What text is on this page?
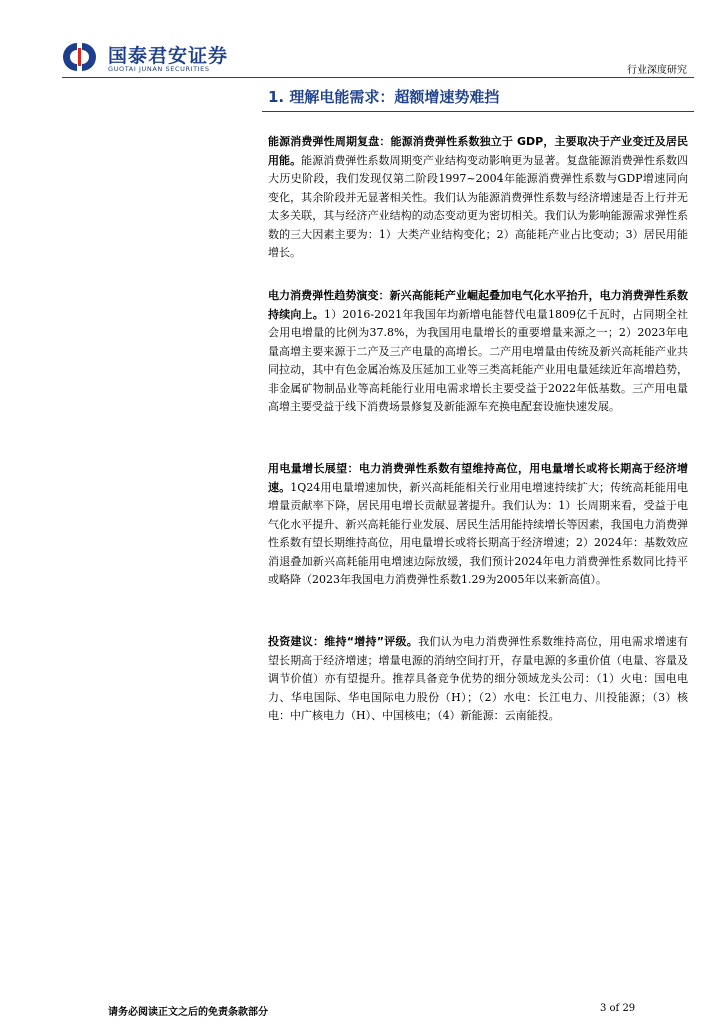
国泰君安证券
GUOTAI JUNAN SECURITIES	行业深度研究
1. 理解电能需求：超额增速势难挡

能源消费弹性周期复盘：能源消费弹性系数独立于 GDP，主要取决于产业变迁及居民用能。能源消费弹性系数周期变产业结构变动影响更为显著。复盘能源消费弹性系数四大历史阶段，我们发现仅第二阶段1997~2004年能源消费弹性系数与GDP增速同向变化，其余阶段并无显著相关性。我们认为能源消费弹性系数与经济增速是否上行并无太多关联，其与经济产业结构的动态变动更为密切相关。我们认为影响能源需求弹性系数的三大因素主要为：1）大类产业结构变化；2）高能耗产业占比变动；3）居民用能增长。

电力消费弹性趋势演变：新兴高能耗产业崛起叠加电气化水平抬升，电力消费弹性系数持续向上。1）2016-2021年我国年均新增电能替代电量1809亿千瓦时，占同期全社会用电增量的比例为37.8%，为我国用电量增长的重要增量来源之一；2）2023年电量高增主要来源于二产及三产电量的高增长。二产用电增量由传统及新兴高耗能产业共同拉动，其中有色金属冶炼及压延加工业等三类高耗能产业用电量延续近年高增趋势，非金属矿物制品业等高耗能行业用电需求增长主要受益于2022年低基数。三产用电量高增主要受益于线下消费场景修复及新能源车充换电配套设施快速发展。

用电量增长展望：电力消费弹性系数有望维持高位，用电量增长或将长期高于经济增速。1Q24用电量增速加快，新兴高耗能相关行业用电增速持续扩大；传统高耗能用电增量贡献率下降，居民用电增长贡献显著提升。我们认为：1）长周期来看，受益于电气化水平提升、新兴高耗能行业发展、居民生活用能持续增长等因素，我国电力消费弹性系数有望长期维持高位，用电量增长或将长期高于经济增速；2）2024年：基数效应消退叠加新兴高耗能用电增速边际放缓，我们预计2024年电力消费弹性系数同比持平或略降（2023年我国电力消费弹性系数1.29为2005年以来新高值）。

投资建议：维持“增持”评级。我们认为电力消费弹性系数维持高位，用电需求增速有望长期高于经济增速；增量电源的消纳空间打开，存量电源的多重价值（电量、容量及调节价值）亦有望提升。推荐具备竞争优势的细分领域龙头公司：（1）火电：国电电力、华电国际、华电国际电力股份（H）；（2）水电：长江电力、川投能源；（3）核电：中广核电力（H）、中国核电；（4）新能源：云南能投。

请务必阅读正文之后的免责条款部分	3 of 29
